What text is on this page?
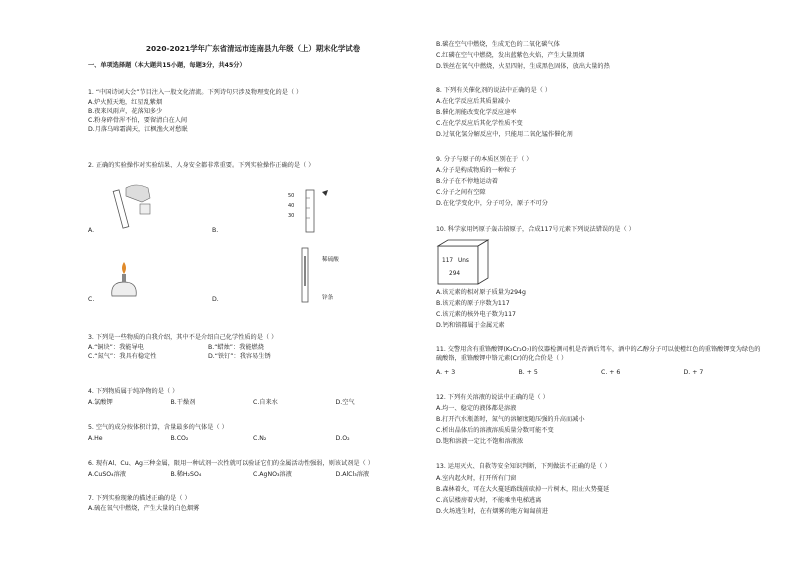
2020-2021学年广东省清远市连南县九年级（上）期末化学试卷
一、单项选择题（本大题共15小题，每题3分，共45分）
1. “中国诗词大会”节目注入一股文化清流。下列诗句只涉及物理变化的是（ ）
A.炉火照天地，红星乱紫烟
B.夜来风雨声，花落知多少
C.粉身碎骨浑不怕，要留清白在人间
D.月落乌啼霜满天，江枫渔火对愁眠
2. 正确的实验操作对实验结果、人身安全都非常重要。下列实验操作正确的是（ ）
A.	B.
50
40
30
C.	D.
稀硫酸
锌条
3. 下列是一些物质的自我介绍，其中不是介绍自己化学性质的是（ ）
A.“铜块”：我能导电	B.“蜡烛”：我能燃烧
C.“氮气”：我具有稳定性	D.“铁钉”：我容易生锈
4. 下列物质属于纯净物的是（ ）
A.氯酸钾	B.干燥剂	C.自来水	D.空气
5. 空气的成分按体积计算，含量最多的气体是（ ）
A.He	B.CO₂	C.N₂	D.O₂
6. 现有Al、Cu、Ag三种金属，限用一种试剂一次性就可以验证它们的金属活动性强弱，则该试剂是（ ）
A.CuSO₄溶液	B.稀H₂SO₄	C.AgNO₃溶液	D.AlCl₃溶液
7. 下列实验现象的描述正确的是（ ）
A.硫在氧气中燃烧，产生大量的白色烟雾
B.碳在空气中燃烧，生成无色的二氧化碳气体
C.红磷在空气中燃烧，发出蓝紫色火焰，产生大量黑烟
D.铁丝在氧气中燃烧，火星四射，生成黑色固体，放出大量的热
8. 下列有关催化剂的说法中正确的是（ ）
A.在化学反应后其质量减小
B.催化剂能改变化学反应速率
C.在化学反应后其化学性质不变
D.过氧化氢分解反应中，只能用二氧化锰作催化剂
9. 分子与原子的本质区别在于（ ）
A.分子是构成物质的一种粒子
B.分子在不停地运动着
C.分子之间有空隙
D.在化学变化中，分子可分，原子不可分
10. 科学家用钙原子轰击锫原子，合成117号元素下列说法错误的是（ ）
117 Uns
294
A.该元素的相对原子质量为294g
B.该元素的原子序数为117
C.该元素的核外电子数为117
D.钙和锫都属于金属元素
11. 交警用含有重铬酸钾(K₂Cr₂O₇)的仪器检测司机是否酒后驾车，酒中的乙醇分子可以使橙红色的重铬酸钾变为绿色的硫酸铬，重铬酸钾中铬元素(Cr)的化合价是（ ）
A. + 3	B. + 5	C. + 6	D. + 7
12. 下列有关溶液的说法中正确的是（ ）
A.均一、稳定的液体都是溶液
B.打开汽水瓶盖时，氮气的溶解度随压强的升高而减小
C.析出晶体后的溶液溶质质量分数可能不变
D.饱和溶液一定比不饱和溶液浓
13. 运用灭火、自救等安全知识判断，下列做法不正确的是（ ）
A.室内起火时，打开所有门窗
B.森林着火，可在大火蔓延路线前砍掉一片树木，阻止火势蔓延
C.高层楼房着火时，不能乘坐电梯逃离
D.火场逃生时，在有烟雾的地方匍匐前进
